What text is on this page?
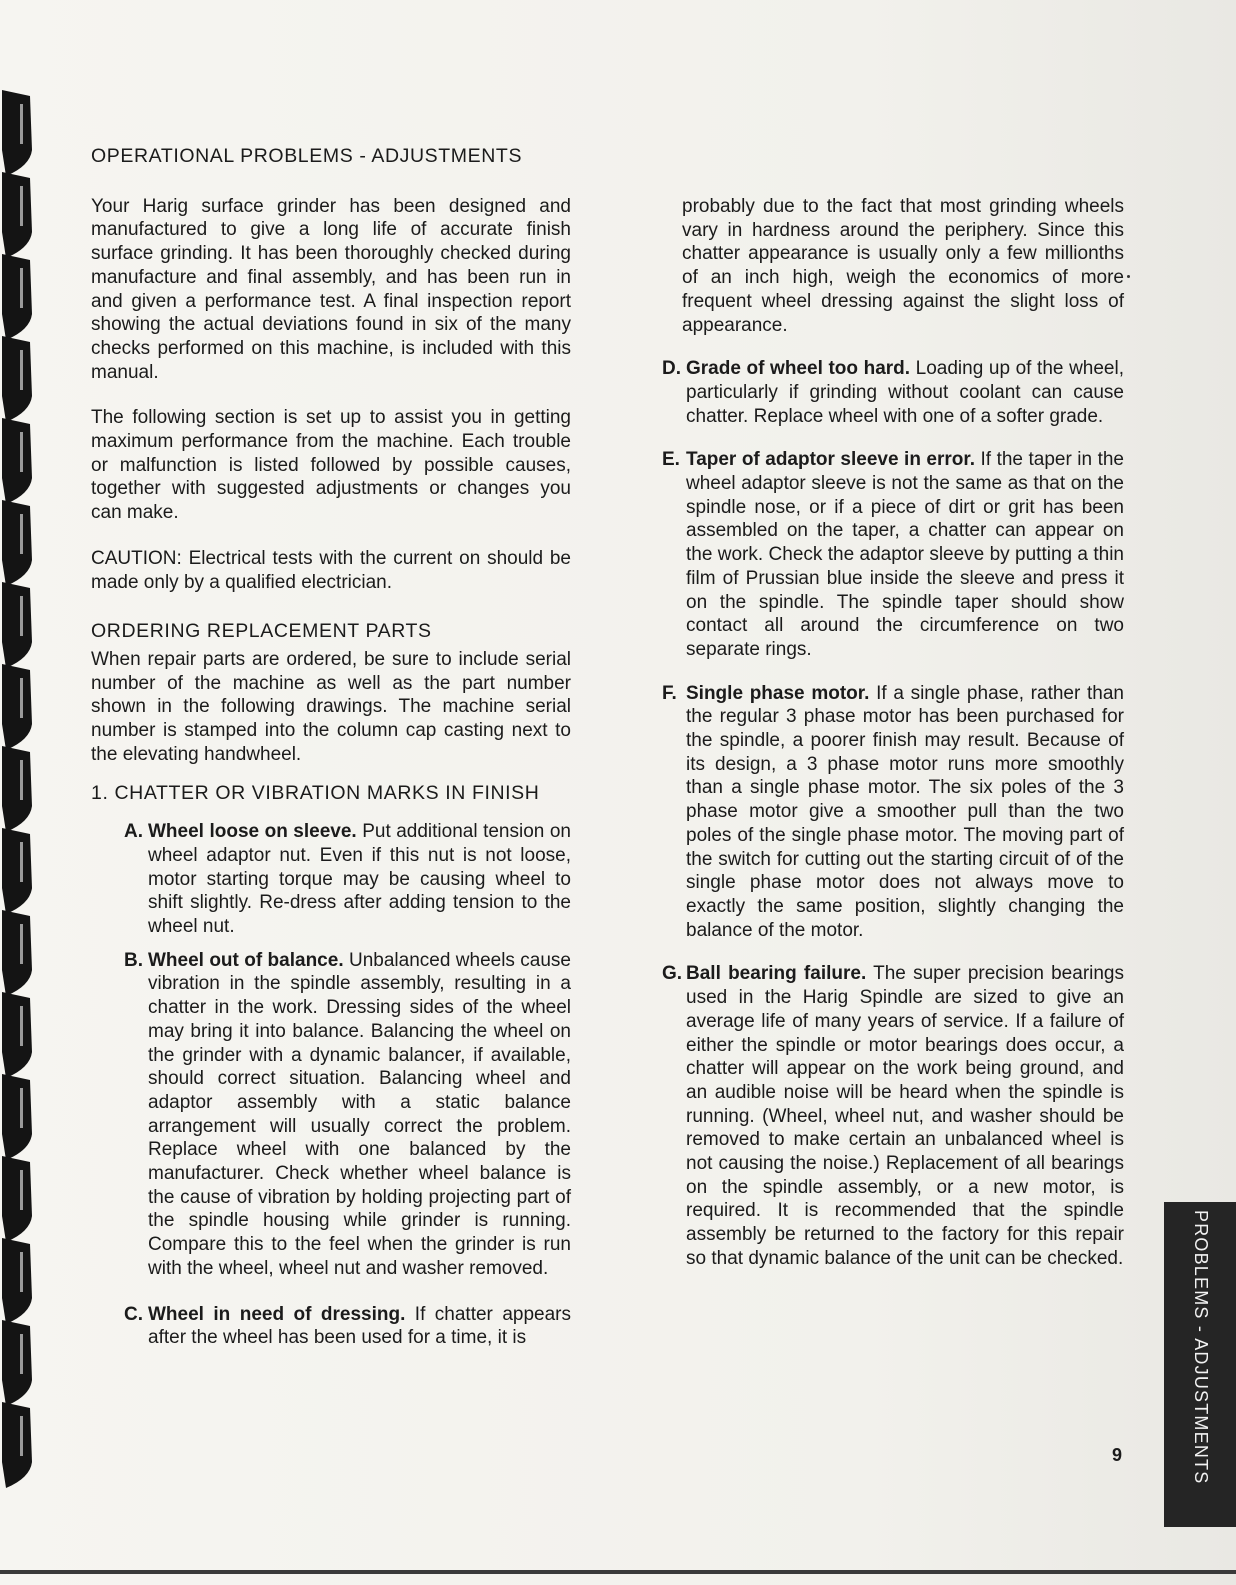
OPERATIONAL PROBLEMS - ADJUSTMENTS

Your Harig surface grinder has been designed and manufactured to give a long life of accurate finish surface grinding. It has been thoroughly checked during manufacture and final assembly, and has been run in and given a performance test. A final inspection report showing the actual deviations found in six of the many checks performed on this machine, is included with this manual.

The following section is set up to assist you in getting maximum performance from the machine. Each trouble or malfunction is listed followed by possible causes, together with suggested adjustments or changes you can make.

CAUTION: Electrical tests with the current on should be made only by a qualified electrician.

ORDERING REPLACEMENT PARTS

When repair parts are ordered, be sure to include serial number of the machine as well as the part number shown in the following drawings. The machine serial number is stamped into the column cap casting next to the elevating handwheel.

1. CHATTER OR VIBRATION MARKS IN FINISH
A. Wheel loose on sleeve. Put additional tension on wheel adaptor nut. Even if this nut is not loose, motor starting torque may be causing wheel to shift slightly. Re-dress after adding tension to the wheel nut.

B. Wheel out of balance. Unbalanced wheels cause vibration in the spindle assembly, resulting in a chatter in the work. Dressing sides of the wheel may bring it into balance. Balancing the wheel on the grinder with a dynamic balancer, if available, should correct situation. Balancing wheel and adaptor assembly with a static balance arrangement will usually correct the problem. Replace wheel with one balanced by the manufacturer. Check whether wheel balance is the cause of vibration by holding projecting part of the spindle housing while grinder is running. Compare this to the feel when the grinder is run with the wheel, wheel nut and washer removed.

C. Wheel in need of dressing. If chatter appears after the wheel has been used for a time, it is

probably due to the fact that most grinding wheels vary in hardness around the periphery. Since this chatter appearance is usually only a few millionths of an inch high, weigh the economics of more frequent wheel dressing against the slight loss of appearance.

D. Grade of wheel too hard. Loading up of the wheel, particularly if grinding without coolant can cause chatter. Replace wheel with one of a softer grade.

E. Taper of adaptor sleeve in error. If the taper in the wheel adaptor sleeve is not the same as that on the spindle nose, or if a piece of dirt or grit has been assembled on the taper, a chatter can appear on the work. Check the adaptor sleeve by putting a thin film of Prussian blue inside the sleeve and press it on the spindle. The spindle taper should show contact all around the circumference on two separate rings.

F. Single phase motor. If a single phase, rather than the regular 3 phase motor has been purchased for the spindle, a poorer finish may result. Because of its design, a 3 phase motor runs more smoothly than a single phase motor. The six poles of the 3 phase motor give a smoother pull than the two poles of the single phase motor. The moving part of the switch for cutting out the starting circuit of of the single phase motor does not always move to exactly the same position, slightly changing the balance of the motor.

G. Ball bearing failure. The super precision bearings used in the Harig Spindle are sized to give an average life of many years of service. If a failure of either the spindle or motor bearings does occur, a chatter will appear on the work being ground, and an audible noise will be heard when the spindle is running. (Wheel, wheel nut, and washer should be removed to make certain an unbalanced wheel is not causing the noise.) Replacement of all bearings on the spindle assembly, or a new motor, is required. It is recommended that the spindle assembly be returned to the factory for this repair so that dynamic balance of the unit can be checked.	PROBLEMS - ADJUSTMENTS
9
